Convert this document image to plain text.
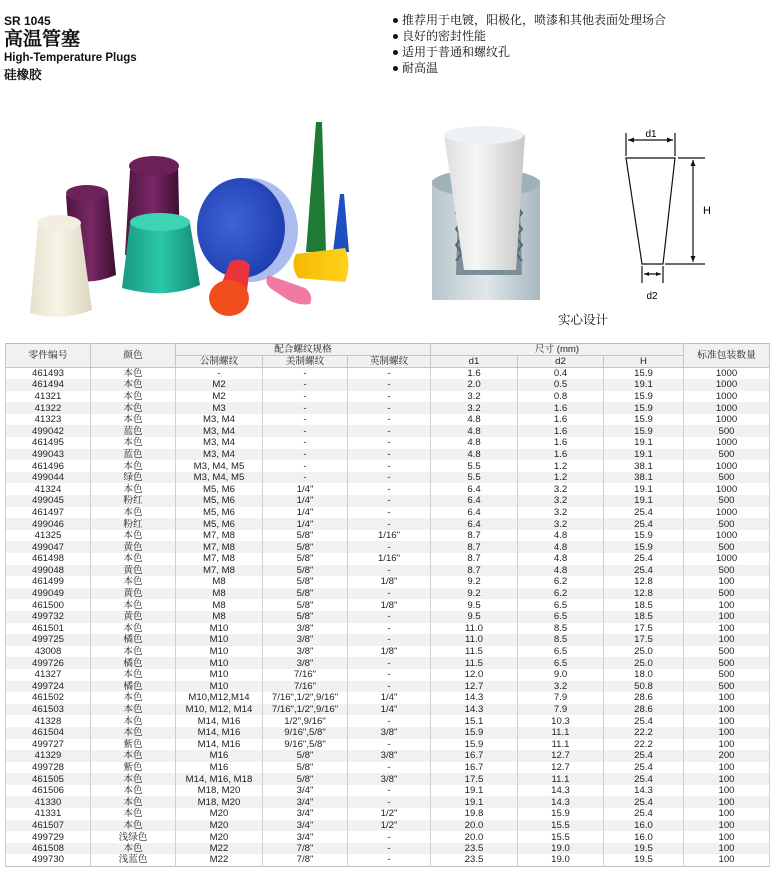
SR 1045
高温管塞
High-Temperature Plugs
硅橡胶
推荐用于电镀，阳极化，喷漆和其他表面处理场合
良好的密封性能
适用于普通和螺纹孔
耐高温
d1
H
d2
实心设计
零件编号	颜色	配合螺纹规格			尺寸 (mm)			标准包装数量
		公制螺纹	美制螺纹	英制螺纹	d1	d2	H	
461493	本色	-	-	-	1.6	0.4	15.9	1000
461494	本色	M2	-	-	2.0	0.5	19.1	1000
41321	本色	M2	-	-	3.2	0.8	15.9	1000
41322	本色	M3	-	-	3.2	1.6	15.9	1000
41323	本色	M3, M4	-	-	4.8	1.6	15.9	1000
499042	蓝色	M3, M4	-	-	4.8	1.6	15.9	500
461495	本色	M3, M4	-	-	4.8	1.6	19.1	1000
499043	蓝色	M3, M4	-	-	4.8	1.6	19.1	500
461496	本色	M3, M4, M5	-	-	5.5	1.2	38.1	1000
499044	绿色	M3, M4, M5	-	-	5.5	1.2	38.1	500
41324	本色	M5, M6	1/4"	-	6.4	3.2	19.1	1000
499045	粉红	M5, M6	1/4"	-	6.4	3.2	19.1	500
461497	本色	M5, M6	1/4"	-	6.4	3.2	25.4	1000
499046	粉红	M5, M6	1/4"	-	6.4	3.2	25.4	500
41325	本色	M7, M8	5/8"	1/16"	8.7	4.8	15.9	1000
499047	黄色	M7, M8	5/8"	-	8.7	4.8	15.9	500
461498	本色	M7, M8	5/8"	1/16"	8.7	4.8	25.4	1000
499048	黄色	M7, M8	5/8"	-	8.7	4.8	25.4	500
461499	本色	M8	5/8"	1/8"	9.2	6.2	12.8	100
499049	黄色	M8	5/8"	-	9.2	6.2	12.8	500
461500	本色	M8	5/8"	1/8"	9.5	6.5	18.5	100
499732	黄色	M8	5/8"	-	9.5	6.5	18.5	100
461501	本色	M10	3/8"	-	11.0	8.5	17.5	100
499725	橘色	M10	3/8"	-	11.0	8.5	17.5	100
43008	本色	M10	3/8"	1/8"	11.5	6.5	25.0	500
499726	橘色	M10	3/8"	-	11.5	6.5	25.0	500
41327	本色	M10	7/16"	-	12.0	9.0	18.0	500
499724	橘色	M10	7/16"	-	12.7	3.2	50.8	500
461502	本色	M10,M12,M14	7/16",1/2",9/16"	1/4"	14.3	7.9	28.6	100
461503	本色	M10, M12, M14	7/16",1/2",9/16"	1/4"	14.3	7.9	28.6	100
41328	本色	M14, M16	1/2",9/16"	-	15.1	10.3	25.4	100
461504	本色	M14, M16	9/16",5/8"	3/8"	15.9	11.1	22.2	100
499727	紫色	M14, M16	9/16",5/8"	-	15.9	11.1	22.2	100
41329	本色	M16	5/8"	3/8"	16.7	12.7	25.4	200
499728	紫色	M16	5/8"	-	16.7	12.7	25.4	100
461505	本色	M14, M16, M18	5/8"	3/8"	17.5	11.1	25.4	100
461506	本色	M18, M20	3/4"	-	19.1	14.3	14.3	100
41330	本色	M18, M20	3/4"	-	19.1	14.3	25.4	100
41331	本色	M20	3/4"	1/2"	19.8	15.9	25.4	100
461507	本色	M20	3/4"	1/2"	20.0	15.5	16.0	100
499729	浅绿色	M20	3/4"	-	20.0	15.5	16.0	100
461508	本色	M22	7/8"	-	23.5	19.0	19.5	100
499730	浅蓝色	M22	7/8"	-	23.5	19.0	19.5	100
